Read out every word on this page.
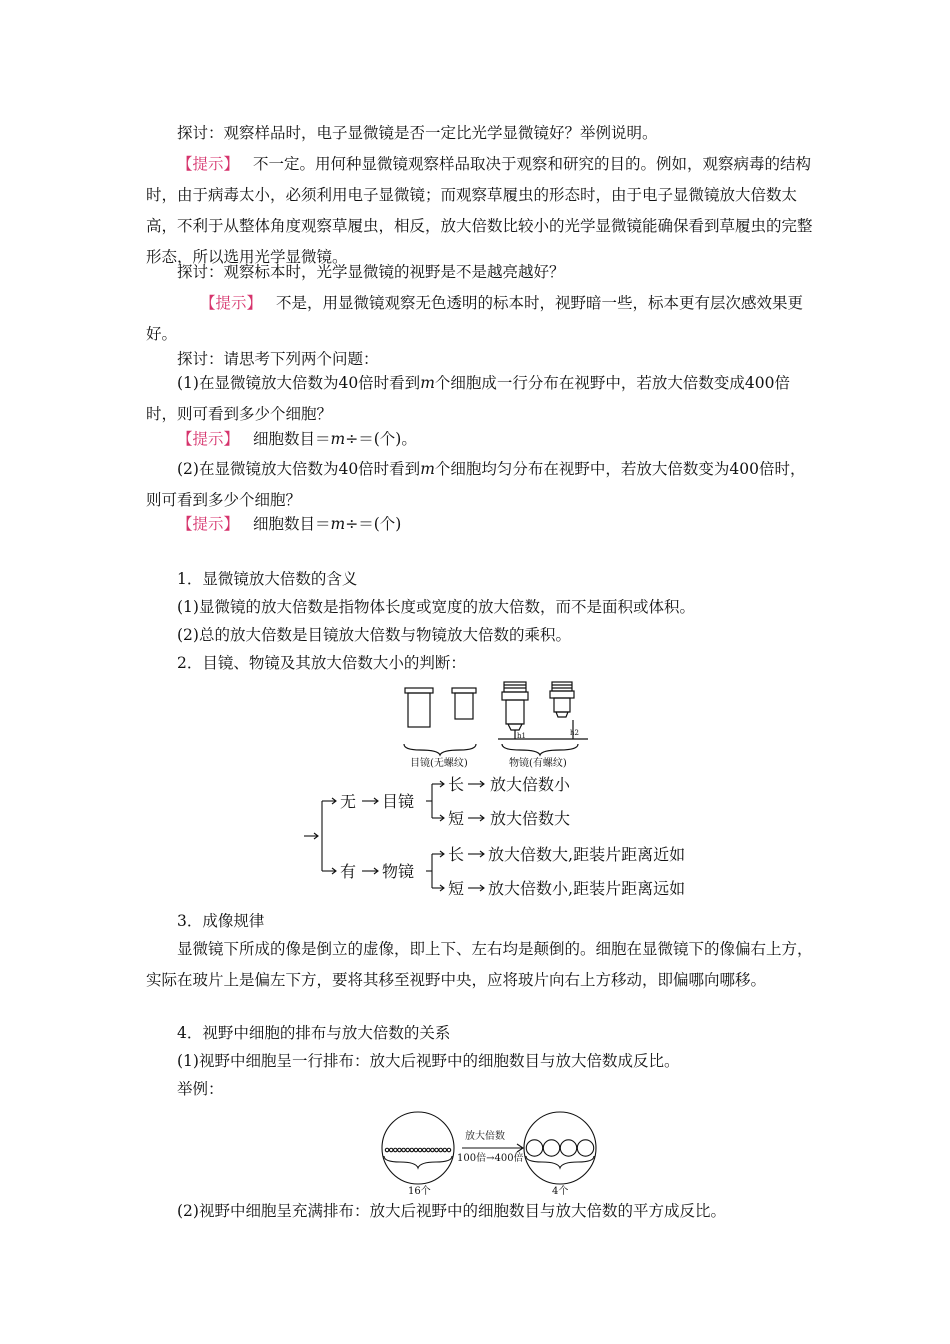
探讨：观察样品时，电子显微镜是否一定比光学显微镜好？举例说明。
【提示】 不一定。用何种显微镜观察样品取决于观察和研究的目的。例如，观察病毒的结构时，由于病毒太小，必须利用电子显微镜；而观察草履虫的形态时，由于电子显微镜放大倍数太高，不利于从整体角度观察草履虫，相反，放大倍数比较小的光学显微镜能确保看到草履虫的完整形态，所以选用光学显微镜。
探讨：观察标本时，光学显微镜的视野是不是越亮越好？
【提示】 不是，用显微镜观察无色透明的标本时，视野暗一些，标本更有层次感效果更好。
探讨：请思考下列两个问题：
(1)在显微镜放大倍数为40倍时看到m个细胞成一行分布在视野中，若放大倍数变成400倍时，则可看到多少个细胞？
【提示】 细胞数目＝m÷＝(个)。
(2)在显微镜放大倍数为40倍时看到m个细胞均匀分布在视野中，若放大倍数变为400倍时，则可看到多少个细胞？
【提示】 细胞数目＝m÷＝(个)
1．显微镜放大倍数的含义
(1)显微镜的放大倍数是指物体长度或宽度的放大倍数，而不是面积或体积。
(2)总的放大倍数是目镜放大倍数与物镜放大倍数的乘积。
2．目镜、物镜及其放大倍数大小的判断：
h1	h2
目镜(无螺纹)	物镜(有螺纹)
无 目镜
长 放大倍数小
短 放大倍数大
有 物镜
长 放大倍数大,距装片距离近如
短 放大倍数小,距装片距离远如
3．成像规律
显微镜下所成的像是倒立的虚像，即上下、左右均是颠倒的。细胞在显微镜下的像偏右上方，实际在玻片上是偏左下方，要将其移至视野中央，应将玻片向右上方移动，即偏哪向哪移。
4．视野中细胞的排布与放大倍数的关系
(1)视野中细胞呈一行排布：放大后视野中的细胞数目与放大倍数成反比。
举例：
放大倍数
100倍→400倍
16个	4个
(2)视野中细胞呈充满排布：放大后视野中的细胞数目与放大倍数的平方成反比。
